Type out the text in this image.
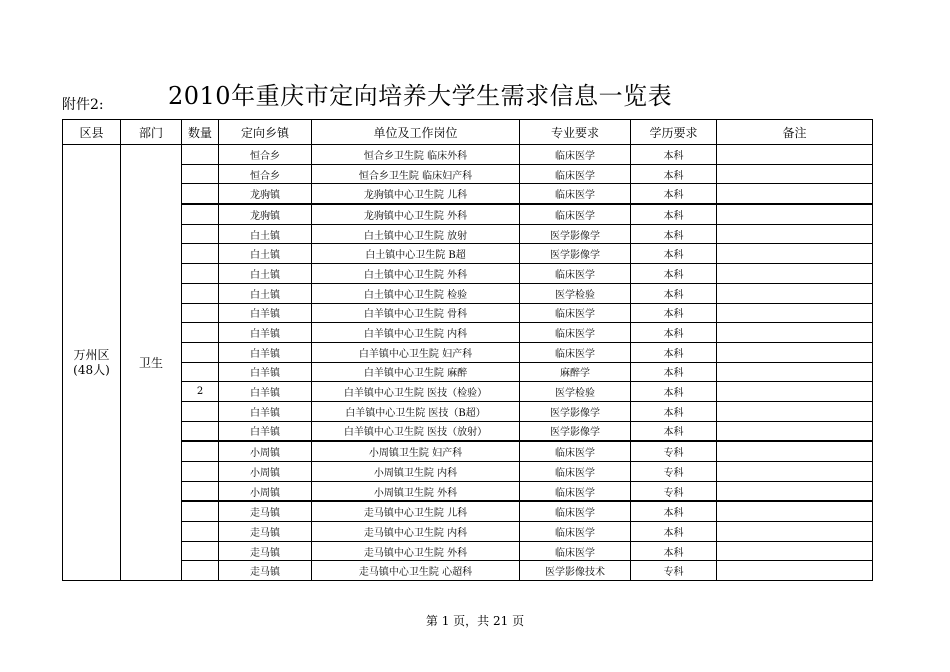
附件2:	2010年重庆市定向培养大学生需求信息一览表
区县	部门	数量	定向乡镇	单位及工作岗位	专业要求	学历要求	备注

万州区
(48人)	卫生		恒合乡	恒合乡卫生院 临床外科	临床医学	本科	
			恒合乡	恒合乡卫生院 临床妇产科	临床医学	本科	
			龙驹镇	龙驹镇中心卫生院 儿科	临床医学	本科	
			龙驹镇	龙驹镇中心卫生院 外科	临床医学	本科	
			白土镇	白土镇中心卫生院 放射	医学影像学	本科	
			白土镇	白土镇中心卫生院 B超	医学影像学	本科	
			白土镇	白土镇中心卫生院 外科	临床医学	本科	
			白土镇	白土镇中心卫生院 检验	医学检验	本科	
			白羊镇	白羊镇中心卫生院 骨科	临床医学	本科	
			白羊镇	白羊镇中心卫生院 内科	临床医学	本科	
			白羊镇	白羊镇中心卫生院 妇产科	临床医学	本科	
			白羊镇	白羊镇中心卫生院 麻醉	麻醉学	本科	
		2	白羊镇	白羊镇中心卫生院 医技（检验）	医学检验	本科	
			白羊镇	白羊镇中心卫生院 医技（B超）	医学影像学	本科	
			白羊镇	白羊镇中心卫生院 医技（放射）	医学影像学	本科	
			小周镇	小周镇卫生院 妇产科	临床医学	专科	
			小周镇	小周镇卫生院 内科	临床医学	专科	
			小周镇	小周镇卫生院 外科	临床医学	专科	
			走马镇	走马镇中心卫生院 儿科	临床医学	本科	
			走马镇	走马镇中心卫生院 内科	临床医学	本科	
			走马镇	走马镇中心卫生院 外科	临床医学	本科	
			走马镇	走马镇中心卫生院 心超科	医学影像技术	专科	
第 1 页，共 21 页
